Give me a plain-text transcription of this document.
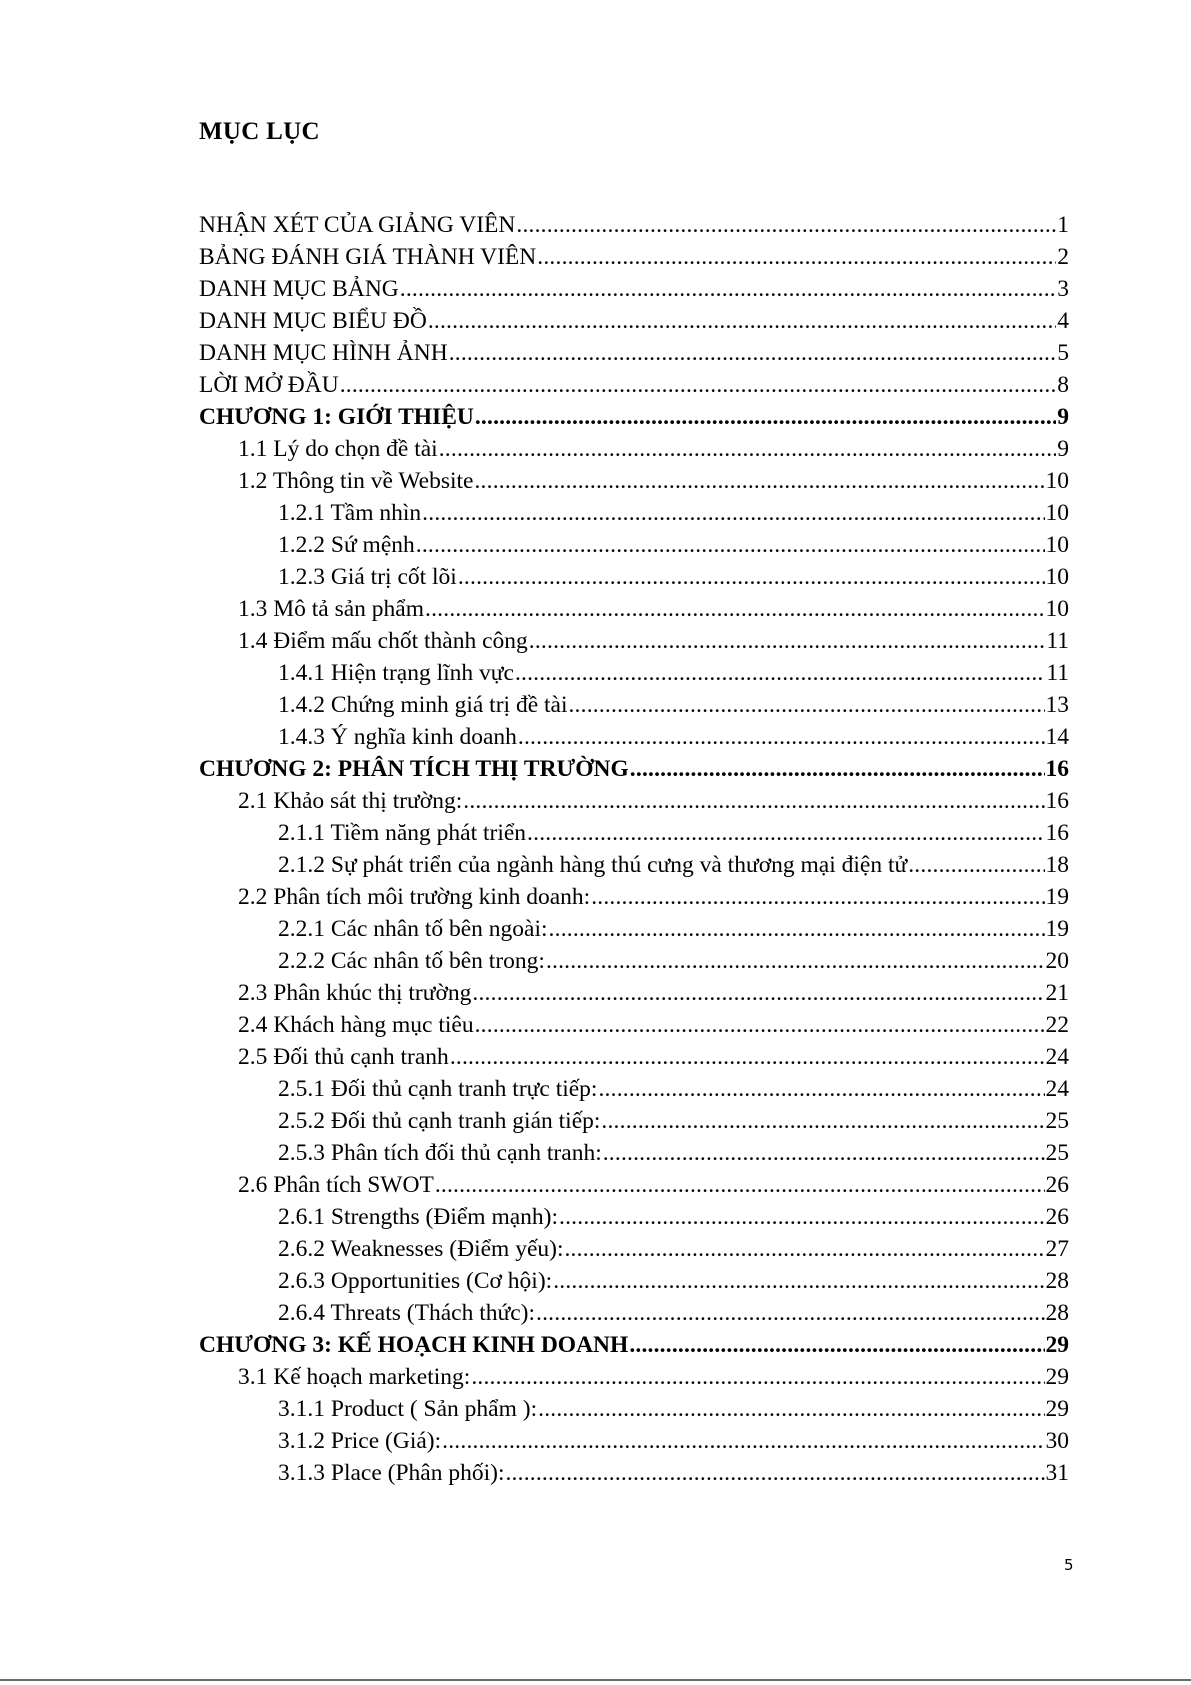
MỤC LỤC
NHẬN XÉT CỦA GIẢNG VIÊN .....	1
BẢNG ĐÁNH GIÁ THÀNH VIÊN .....	2
DANH MỤC BẢNG .....	3
DANH MỤC BIỂU ĐỒ .....	4
DANH MỤC HÌNH ẢNH .....	5
LỜI MỞ ĐẦU .....	8
CHƯƠNG 1: GIỚI THIỆU .....	9
1.1 Lý do chọn đề tài .....	9
1.2 Thông tin về Website .....	10
1.2.1 Tầm nhìn .....	10
1.2.2 Sứ mệnh .....	10
1.2.3 Giá trị cốt lõi .....	10
1.3 Mô tả sản phẩm .....	10
1.4 Điểm mấu chốt thành công .....	11
1.4.1 Hiện trạng lĩnh vực .....	11
1.4.2 Chứng minh giá trị đề tài .....	13
1.4.3 Ý nghĩa kinh doanh .....	14
CHƯƠNG 2: PHÂN TÍCH THỊ TRƯỜNG .....	16
2.1 Khảo sát thị trường: .....	16
2.1.1 Tiềm năng phát triển .....	16
2.1.2 Sự phát triển của ngành hàng thú cưng và thương mại điện tử .....	18
2.2 Phân tích môi trường kinh doanh: .....	19
2.2.1 Các nhân tố bên ngoài: .....	19
2.2.2 Các nhân tố bên trong: .....	20
2.3 Phân khúc thị trường .....	21
2.4 Khách hàng mục tiêu .....	22
2.5 Đối thủ cạnh tranh .....	24
2.5.1 Đối thủ cạnh tranh trực tiếp: .....	24
2.5.2 Đối thủ cạnh tranh gián tiếp: .....	25
2.5.3 Phân tích đối thủ cạnh tranh: .....	25
2.6 Phân tích SWOT .....	26
2.6.1 Strengths (Điểm mạnh): .....	26
2.6.2 Weaknesses (Điểm yếu): .....	27
2.6.3 Opportunities (Cơ hội): .....	28
2.6.4 Threats (Thách thức): .....	28
CHƯƠNG 3: KẾ HOẠCH KINH DOANH .....	29
3.1 Kế hoạch marketing: .....	29
3.1.1 Product ( Sản phẩm ): .....	29
3.1.2 Price (Giá): .....	30
3.1.3 Place (Phân phối): .....	31
5
